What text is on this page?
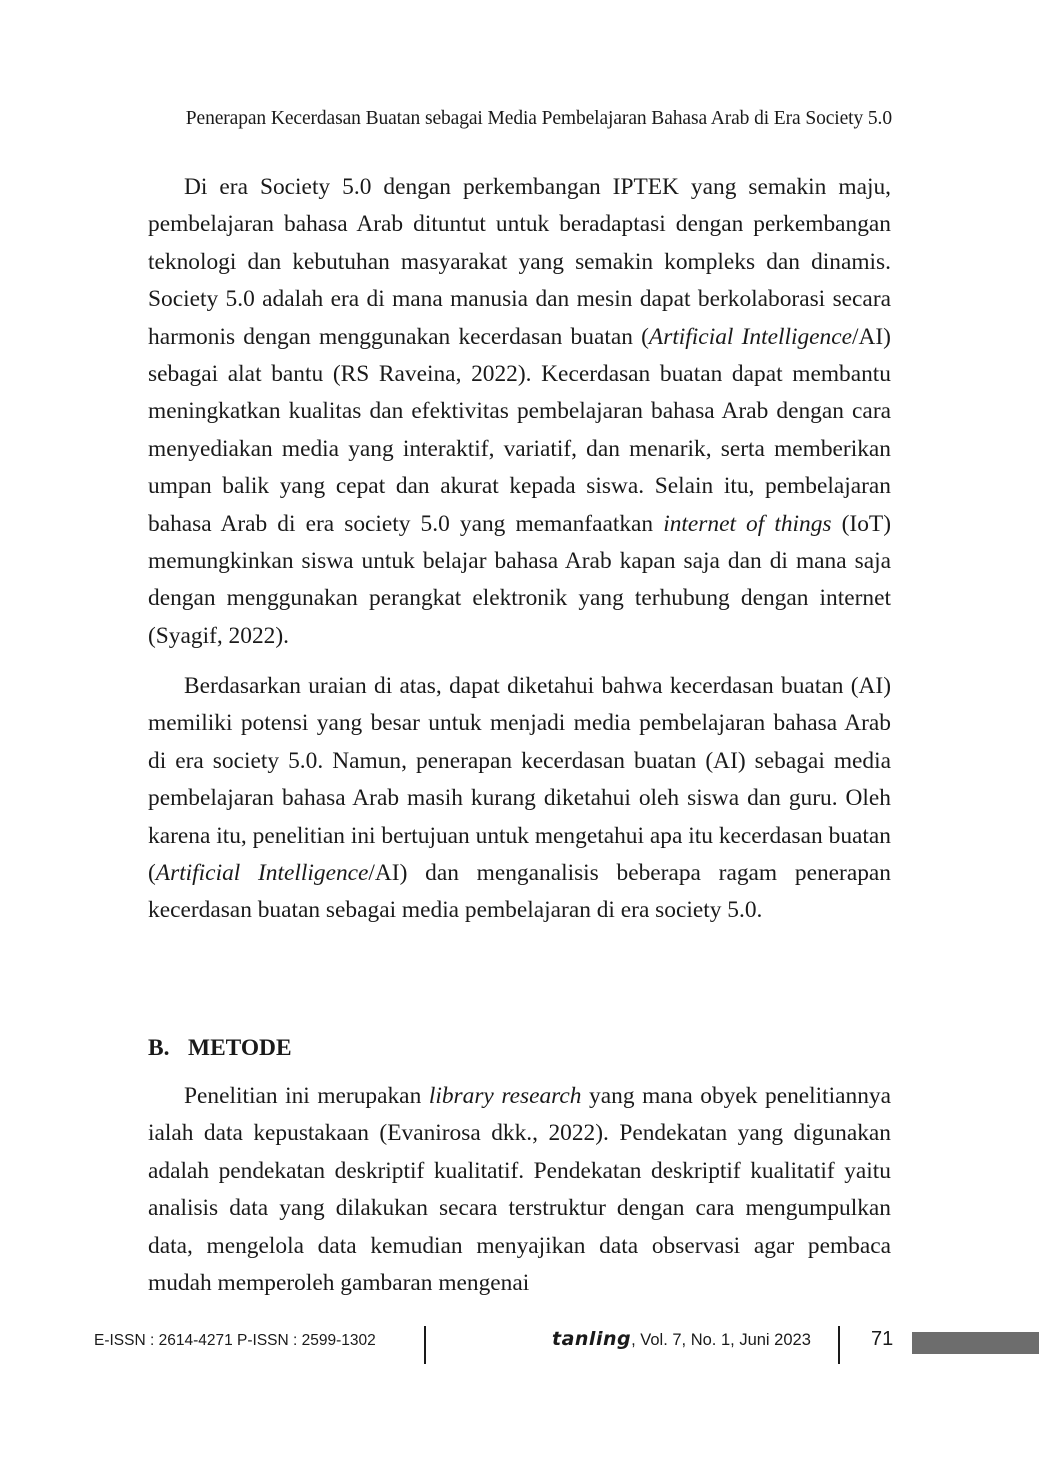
Penerapan Kecerdasan Buatan sebagai Media Pembelajaran Bahasa Arab di Era Society 5.0

Di era Society 5.0 dengan perkembangan IPTEK yang semakin maju, pembelajaran bahasa Arab dituntut untuk beradaptasi dengan perkembangan teknologi dan kebutuhan masyarakat yang semakin kompleks dan dinamis. Society 5.0 adalah era di mana manusia dan mesin dapat berkolaborasi secara harmonis dengan menggunakan kecerdasan buatan (Artificial Intelligence/AI) sebagai alat bantu (RS Raveina, 2022). Kecerdasan buatan dapat membantu meningkatkan kualitas dan efektivitas pembelajaran bahasa Arab dengan cara menyediakan media yang interaktif, variatif, dan menarik, serta memberikan umpan balik yang cepat dan akurat kepada siswa. Selain itu, pembelajaran bahasa Arab di era society 5.0 yang memanfaatkan internet of things (IoT) memungkinkan siswa untuk belajar bahasa Arab kapan saja dan di mana saja dengan menggunakan perangkat elektronik yang terhubung dengan internet (Syagif, 2022).

Berdasarkan uraian di atas, dapat diketahui bahwa kecerdasan buatan (AI) memiliki potensi yang besar untuk menjadi media pembelajaran bahasa Arab di era society 5.0. Namun, penerapan kecerdasan buatan (AI) sebagai media pembelajaran bahasa Arab masih kurang diketahui oleh siswa dan guru. Oleh karena itu, penelitian ini bertujuan untuk mengetahui apa itu kecerdasan buatan (Artificial Intelligence/AI) dan menganalisis beberapa ragam penerapan kecerdasan buatan sebagai media pembelajaran di era society 5.0.

B. METODE

Penelitian ini merupakan library research yang mana obyek penelitiannya ialah data kepustakaan (Evanirosa dkk., 2022). Pendekatan yang digunakan adalah pendekatan deskriptif kualitatif. Pendekatan deskriptif kualitatif yaitu analisis data yang dilakukan secara terstruktur dengan cara mengumpulkan data, mengelola data kemudian menyajikan data observasi agar pembaca mudah memperoleh gambaran mengenai

E-ISSN : 2614-4271 P-ISSN : 2599-1302	tanling, Vol. 7, No. 1, Juni 2023	71
